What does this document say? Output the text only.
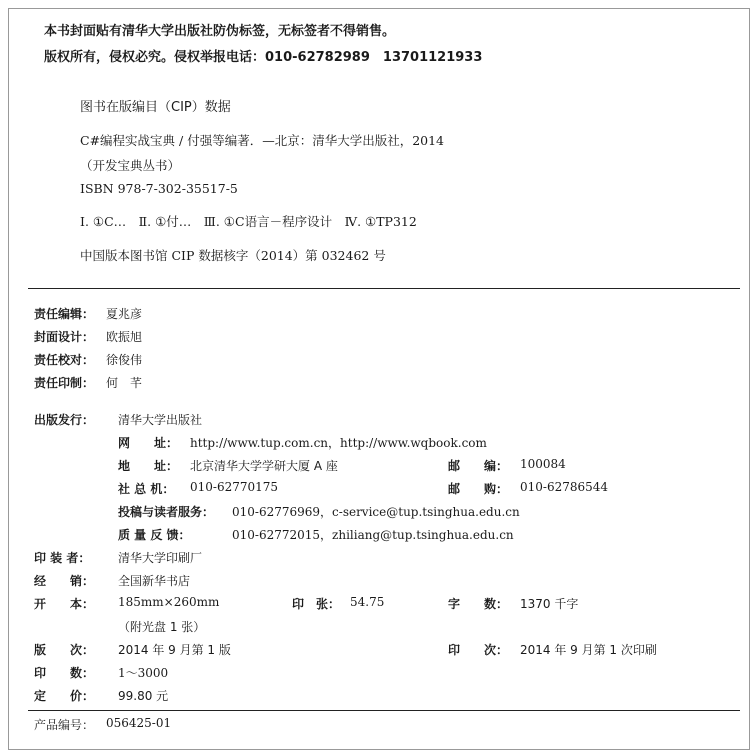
本书封面贴有清华大学出版社防伪标签，无标签者不得销售。
版权所有，侵权必究。侵权举报电话：010-62782989　13701121933
图书在版编目（CIP）数据
C#编程实战宝典 / 付强等编著．—北京：清华大学出版社，2014
（开发宝典丛书）
ISBN 978-7-302-35517-5
Ⅰ. ①C…　Ⅱ. ①付…　Ⅲ. ①C语言－程序设计　Ⅳ. ①TP312
中国版本图书馆 CIP 数据核字（2014）第 032462 号
责任编辑： 夏兆彦
封面设计： 欧振旭
责任校对： 徐俊伟
责任印制： 何　芊
出版发行： 清华大学出版社
网　　址： http://www.tup.com.cn，http://www.wqbook.com
地　　址： 北京清华大学学研大厦 A 座	邮　　编： 100084
社 总 机： 010-62770175	邮　　购： 010-62786544
投稿与读者服务： 010-62776969，c-service@tup.tsinghua.edu.cn
质 量 反 馈：	010-62772015，zhiliang@tup.tsinghua.edu.cn
印 装 者： 清华大学印刷厂
经　　销： 全国新华书店
开　　本： 185mm×260mm	印　张： 54.75	字　　数： 1370 千字
（附光盘 1 张）
版　　次： 2014 年 9 月第 1 版	印　　次： 2014 年 9 月第 1 次印刷
印　　数： 1～3000
定　　价： 99.80 元
产品编号： 056425-01
